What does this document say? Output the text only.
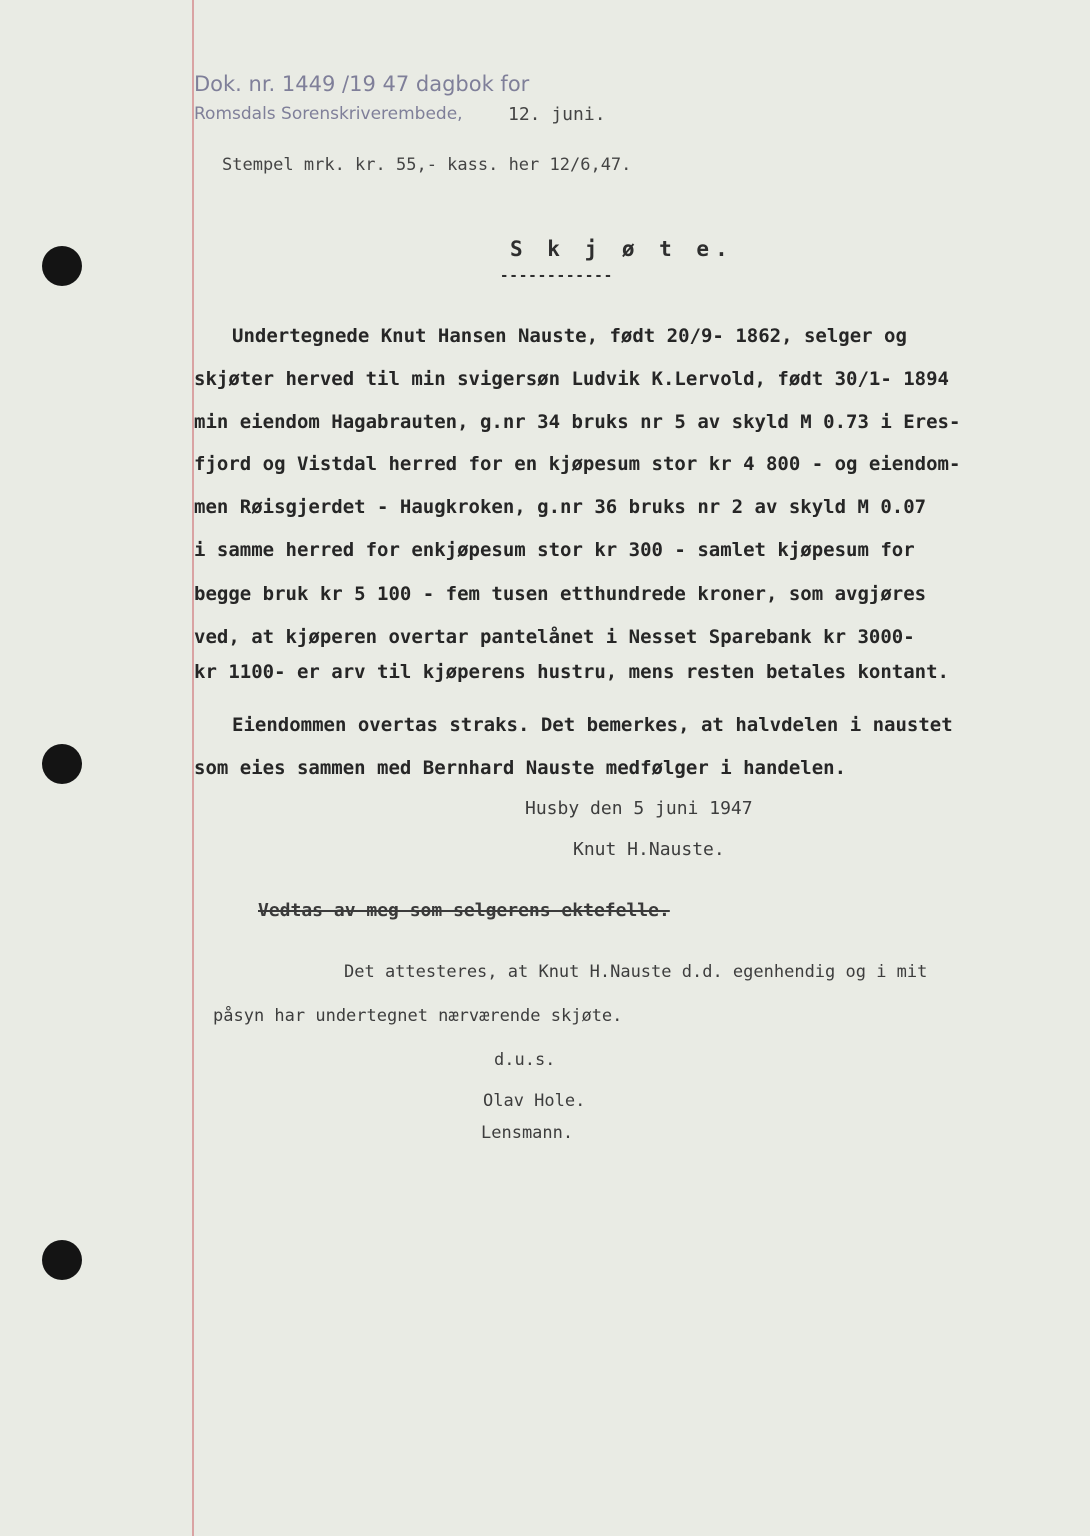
Dok. nr. 1449 /19 47 dagbok for
Romsdals Sorenskriverembede,	12. juni.
Stempel mrk. kr. 55,- kass. her 12/6,47.
S k j ø t e.
------------
Undertegnede Knut Hansen Nauste, født 20/9- 1862, selger og
skjøter herved til min svigersøn Ludvik K.Lervold, født 30/1- 1894
min eiendom Hagabrauten, g.nr 34 bruks nr 5 av skyld M 0.73 i Eres-
fjord og Vistdal herred for en kjøpesum stor kr 4 800 - og eiendom-
men Røisgjerdet - Haugkroken, g.nr 36 bruks nr 2 av skyld M 0.07
i samme herred for enkjøpesum stor kr 300 - samlet kjøpesum for
begge bruk kr 5 100 - fem tusen etthundrede kroner, som avgjøres
ved, at kjøperen overtar pantelånet i Nesset Sparebank kr 3000-
kr 1100- er arv til kjøperens hustru, mens resten betales kontant.
Eiendommen overtas straks. Det bemerkes, at halvdelen i naustet
som eies sammen med Bernhard Nauste medfølger i handelen.
Husby den 5 juni 1947
Knut H.Nauste.
Vedtas av meg som selgerens ektefelle.
Det attesteres, at Knut H.Nauste d.d. egenhendig og i mit
påsyn har undertegnet nærværende skjøte.
d.u.s.
Olav Hole.
Lensmann.
